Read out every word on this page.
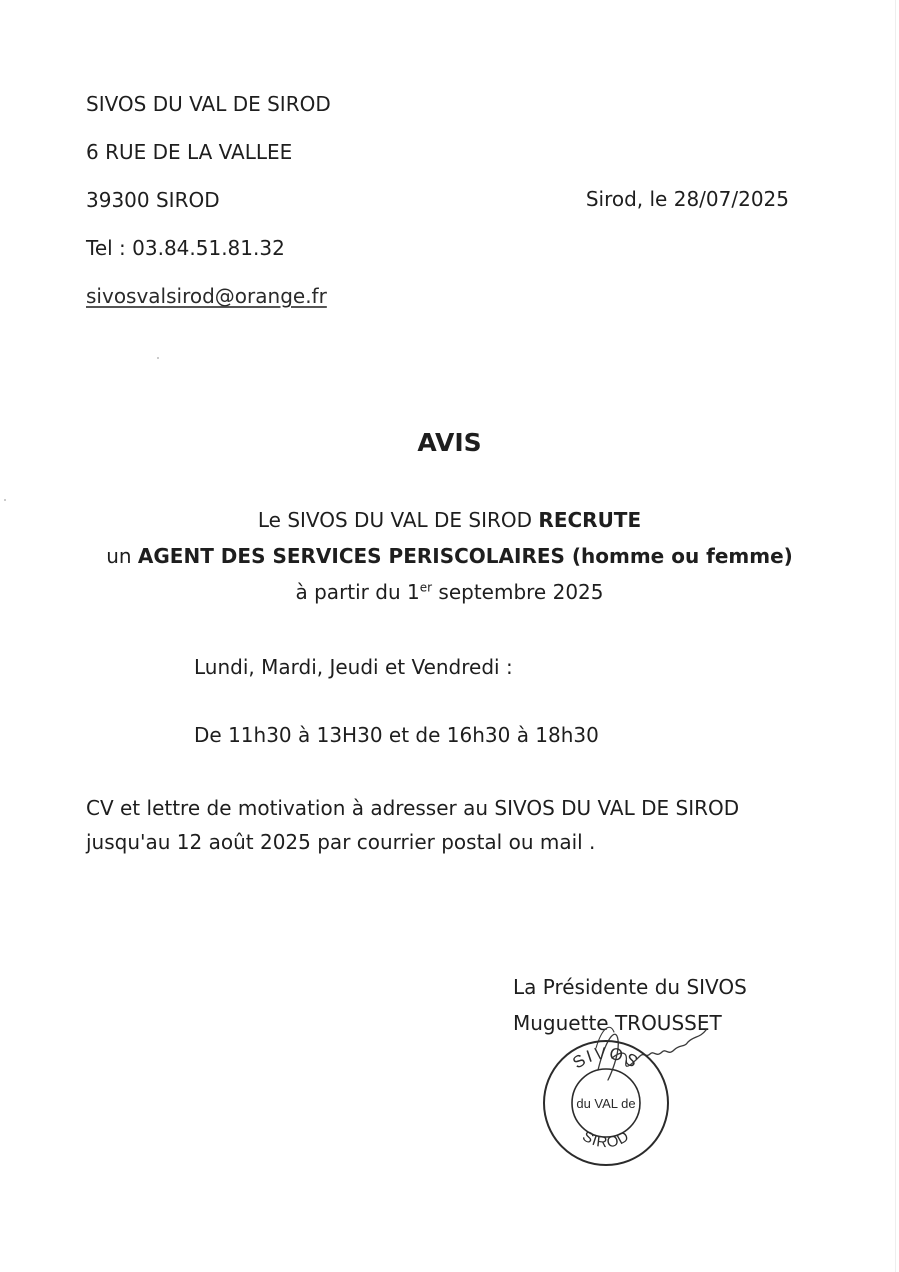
SIVOS DU VAL DE SIROD
6 RUE DE LA VALLEE
39300 SIROD
Tel : 03.84.51.81.32
sivosvalsirod@orange.fr
Sirod, le 28/07/2025
AVIS
Le SIVOS DU VAL DE SIROD RECRUTE
un AGENT DES SERVICES PERISCOLAIRES (homme ou femme)
à partir du 1er septembre 2025
Lundi, Mardi, Jeudi et Vendredi :
De 11h30 à 13H30 et de 16h30 à 18h30
CV et lettre de motivation à adresser au SIVOS DU VAL DE SIROD
jusqu'au 12 août 2025 par courrier postal ou mail .
La Présidente du SIVOS
Muguette TROUSSET
SIVOS
du VAL de
SIROD
